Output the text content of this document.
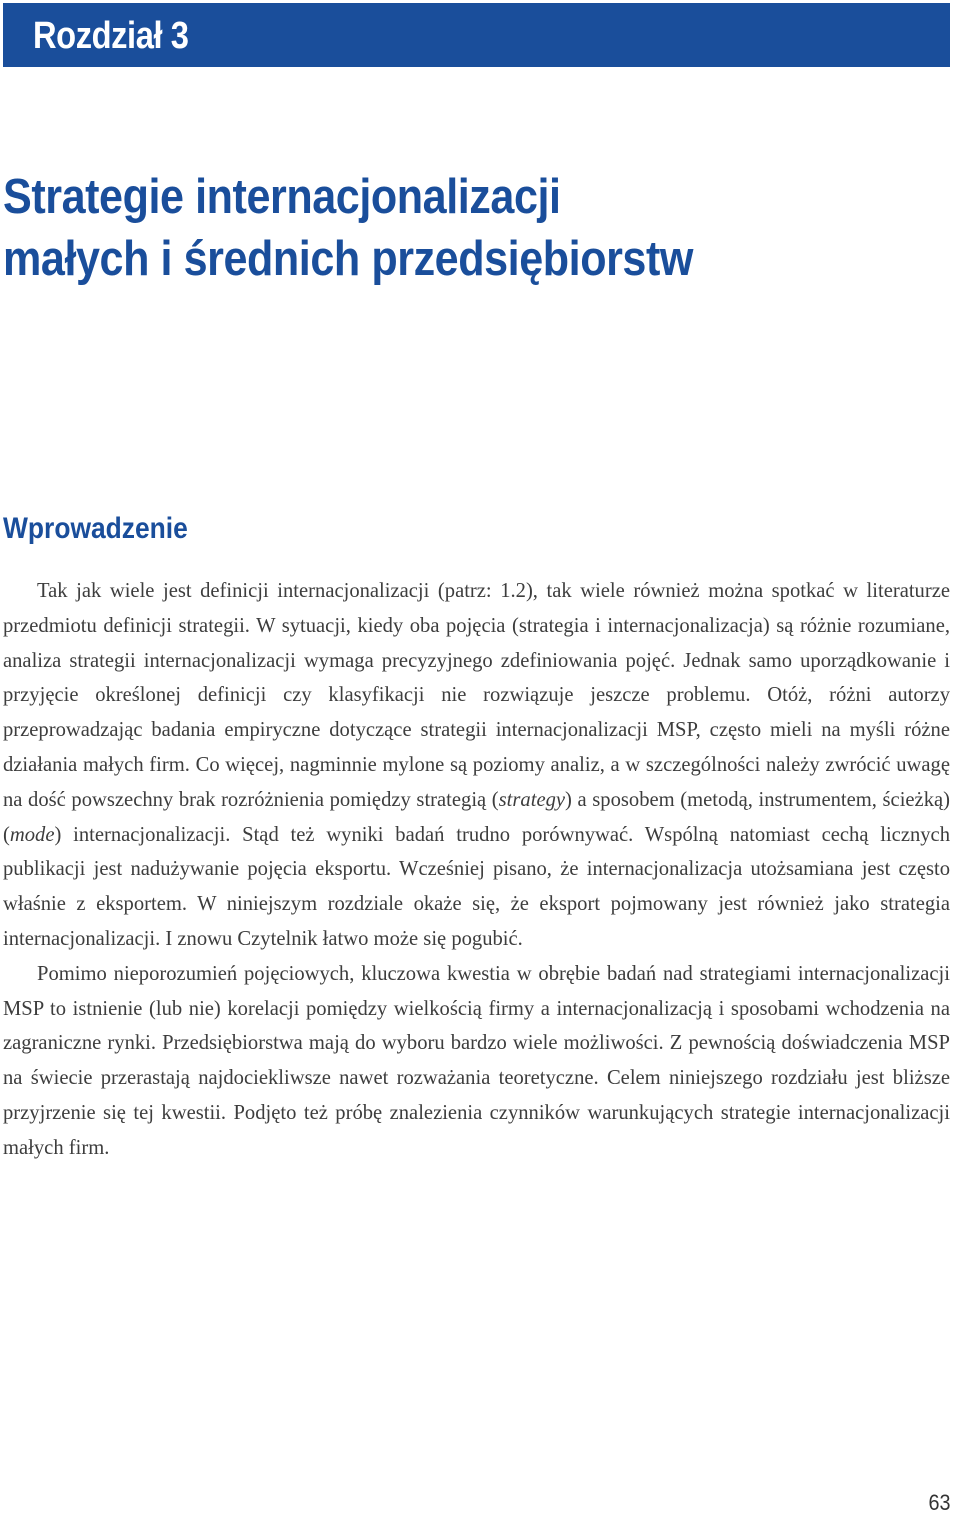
Rozdział 3
Strategie internacjonalizacji
małych i średnich przedsiębiorstw
Wprowadzenie

Tak jak wiele jest definicji internacjonalizacji (patrz: 1.2), tak wiele również można spotkać w literaturze przedmiotu definicji strategii. W sytuacji, kiedy oba pojęcia (strategia i internacjonalizacja) są różnie rozumiane, analiza strategii internacjonalizacji wymaga precyzyjnego zdefiniowania pojęć. Jednak samo uporządkowanie i przyjęcie określonej definicji czy klasyfikacji nie rozwiązuje jeszcze problemu. Otóż, różni autorzy przeprowadzając badania empiryczne dotyczące strategii internacjonalizacji MSP, często mieli na myśli różne działania małych firm. Co więcej, nagminnie mylone są poziomy analiz, a w szczególności należy zwrócić uwagę na dość powszechny brak rozróżnienia pomiędzy strategią (strategy) a sposobem (metodą, instrumentem, ścieżką) (mode) internacjonalizacji. Stąd też wyniki badań trudno porównywać. Wspólną natomiast cechą licznych publikacji jest nadużywanie pojęcia eksportu. Wcześniej pisano, że internacjonalizacja utożsamiana jest często właśnie z eksportem. W niniejszym rozdziale okaże się, że eksport pojmowany jest również jako strategia internacjonalizacji. I znowu Czytelnik łatwo może się pogubić.

Pomimo nieporozumień pojęciowych, kluczowa kwestia w obrębie badań nad strategiami internacjonalizacji MSP to istnienie (lub nie) korelacji pomiędzy wielkością firmy a internacjonalizacją i sposobami wchodzenia na zagraniczne rynki. Przedsiębiorstwa mają do wyboru bardzo wiele możliwości. Z pewnością doświadczenia MSP na świecie przerastają najdociekliwsze nawet rozważania teoretyczne. Celem niniejszego rozdziału jest bliższe przyjrzenie się tej kwestii. Podjęto też próbę znalezienia czynników warunkujących strategie internacjonalizacji małych firm.

63
